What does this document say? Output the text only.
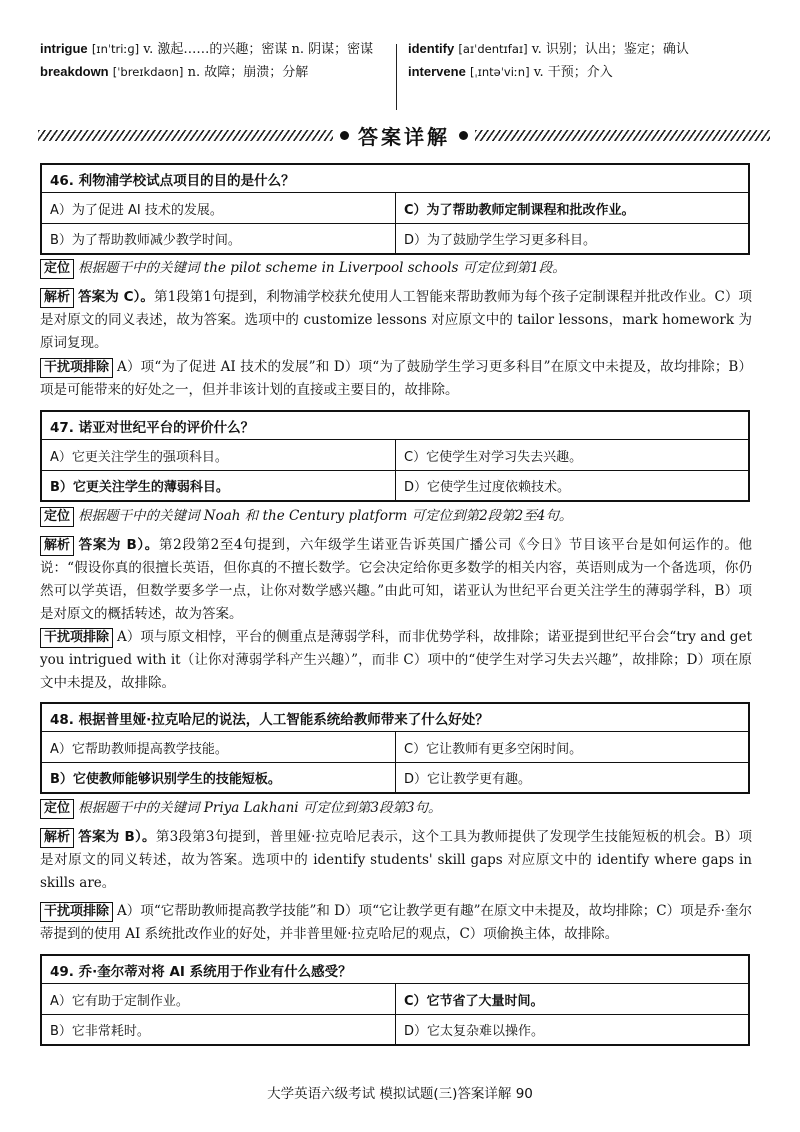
intrigue [ɪnˈtriːɡ] v. 激起……的兴趣；密谋 n. 阴谋；密谋
breakdown [ˈbreɪkdaʊn] n. 故障；崩溃；分解
identify [aɪˈdentɪfaɪ] v. 识别；认出；鉴定；确认
intervene [ˌɪntəˈviːn] v. 干预；介入
答案详解
46. 利物浦学校试点项目的目的是什么？
A）为了促进 AI 技术的发展。	C）为了帮助教师定制课程和批改作业。
B）为了帮助教师减少教学时间。	D）为了鼓励学生学习更多科目。
定位 根据题干中的关键词 the pilot scheme in Liverpool schools 可定位到第1段。
解析 答案为 C）。第1段第1句提到，利物浦学校获允使用人工智能来帮助教师为每个孩子定制课程并批改作业。C）项是对原文的同义表述，故为答案。选项中的 customize lessons 对应原文中的 tailor lessons，mark homework 为原词复现。
干扰项排除 A）项“为了促进 AI 技术的发展”和 D）项“为了鼓励学生学习更多科目”在原文中未提及，故均排除；B）项是可能带来的好处之一，但并非该计划的直接或主要目的，故排除。
47. 诺亚对世纪平台的评价什么？
A）它更关注学生的强项科目。	C）它使学生对学习失去兴趣。
B）它更关注学生的薄弱科目。	D）它使学生过度依赖技术。
定位 根据题干中的关键词 Noah 和 the Century platform 可定位到第2段第2至4句。
解析 答案为 B）。第2段第2至4句提到，六年级学生诺亚告诉英国广播公司《今日》节目该平台是如何运作的。他说：“假设你真的很擅长英语，但你真的不擅长数学。它会决定给你更多数学的相关内容，英语则成为一个备选项，你仍然可以学英语，但数学要多学一点，让你对数学感兴趣。”由此可知，诺亚认为世纪平台更关注学生的薄弱学科，B）项是对原文的概括转述，故为答案。
干扰项排除 A）项与原文相悖，平台的侧重点是薄弱学科，而非优势学科，故排除；诺亚提到世纪平台会“try and get you intrigued with it（让你对薄弱学科产生兴趣）”，而非 C）项中的“使学生对学习失去兴趣”，故排除；D）项在原文中未提及，故排除。
48. 根据普里娅·拉克哈尼的说法，人工智能系统给教师带来了什么好处？
A）它帮助教师提高教学技能。	C）它让教师有更多空闲时间。
B）它使教师能够识别学生的技能短板。	D）它让教学更有趣。
定位 根据题干中的关键词 Priya Lakhani 可定位到第3段第3句。
解析 答案为 B）。第3段第3句提到，普里娅·拉克哈尼表示，这个工具为教师提供了发现学生技能短板的机会。B）项是对原文的同义转述，故为答案。选项中的 identify students' skill gaps 对应原文中的 identify where gaps in skills are。
干扰项排除 A）项“它帮助教师提高教学技能”和 D）项“它让教学更有趣”在原文中未提及，故均排除；C）项是乔·奎尔蒂提到的使用 AI 系统批改作业的好处，并非普里娅·拉克哈尼的观点，C）项偷换主体，故排除。
49. 乔·奎尔蒂对将 AI 系统用于作业有什么感受？
A）它有助于定制作业。	C）它节省了大量时间。
B）它非常耗时。	D）它太复杂难以操作。
大学英语六级考试 模拟试题(三)答案详解 90
